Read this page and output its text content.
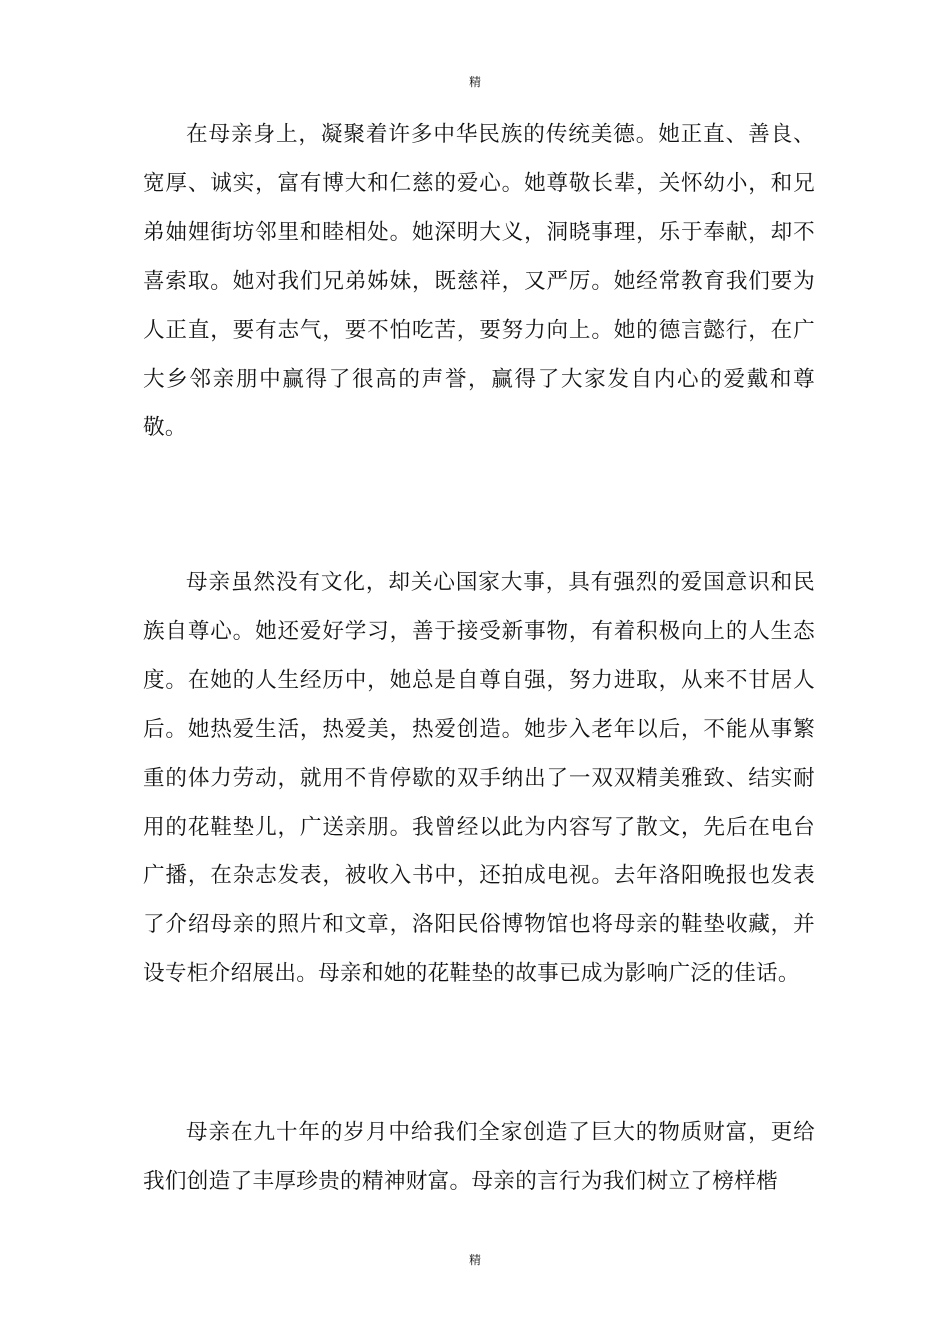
精

在母亲身上，凝聚着许多中华民族的传统美德。她正直、善良、宽厚、诚实，富有博大和仁慈的爱心。她尊敬长辈，关怀幼小，和兄弟妯娌街坊邻里和睦相处。她深明大义，洞晓事理，乐于奉献，却不喜索取。她对我们兄弟姊妹，既慈祥，又严厉。她经常教育我们要为人正直，要有志气，要不怕吃苦，要努力向上。她的德言懿行，在广大乡邻亲朋中赢得了很高的声誉，赢得了大家发自内心的爱戴和尊敬。

母亲虽然没有文化，却关心国家大事，具有强烈的爱国意识和民族自尊心。她还爱好学习，善于接受新事物，有着积极向上的人生态度。在她的人生经历中，她总是自尊自强，努力进取，从来不甘居人后。她热爱生活，热爱美，热爱创造。她步入老年以后，不能从事繁重的体力劳动，就用不肯停歇的双手纳出了一双双精美雅致、结实耐用的花鞋垫儿，广送亲朋。我曾经以此为内容写了散文，先后在电台广播，在杂志发表，被收入书中，还拍成电视。去年洛阳晚报也发表了介绍母亲的照片和文章，洛阳民俗博物馆也将母亲的鞋垫收藏，并设专柜介绍展出。母亲和她的花鞋垫的故事已成为影响广泛的佳话。

母亲在九十年的岁月中给我们全家创造了巨大的物质财富，更给我们创造了丰厚珍贵的精神财富。母亲的言行为我们树立了榜样楷

精
